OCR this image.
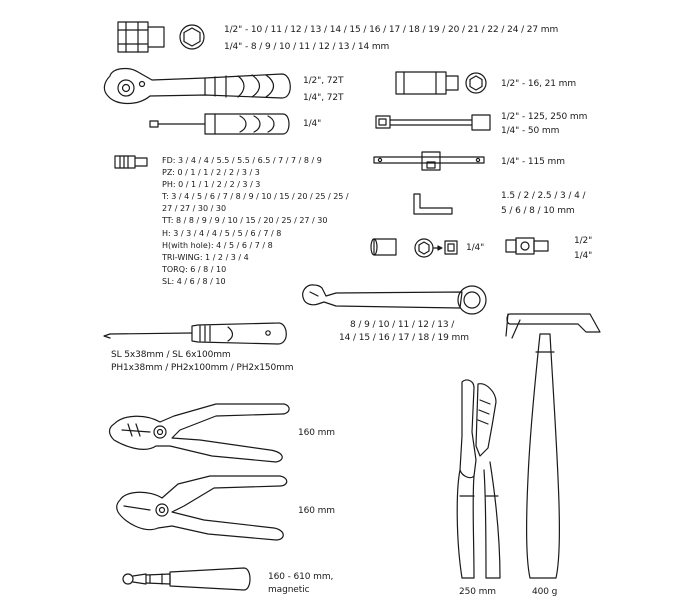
1/2" - 10 / 11 / 12 / 13 / 14 / 15 / 16 / 17 / 18 / 19 / 20 / 21 / 22 / 24 / 27 mm
1/4" - 8 / 9 / 10 / 11 / 12 / 13 / 14 mm
1/2", 72T
1/4", 72T
1/4"
1/2" - 16, 21 mm
1/2" - 125, 250 mm
1/4" - 50 mm
1/4" - 115 mm
1.5 / 2 / 2.5 / 3 / 4 /
5 / 6 / 8 / 10 mm
FD: 3 / 4 / 4 / 5.5 / 5.5 / 6.5 / 7 / 7 / 8 / 9
PZ: 0 / 1 / 1 / 2 / 2 / 3 / 3
PH: 0 / 1 / 1 / 2 / 2 / 3 / 3
T: 3 / 4 / 5 / 6 / 7 / 8 / 9 / 10 / 15 / 20 / 25 / 25 /
27 / 27 / 30 / 30
TT: 8 / 8 / 9 / 9 / 10 / 15 / 20 / 25 / 27 / 30
H: 3 / 3 / 4 / 4 / 5 / 5 / 6 / 7 / 8
H(with hole): 4 / 5 / 6 / 7 / 8
TRI-WING: 1 / 2 / 3 / 4
TORQ: 6 / 8 / 10
SL: 4 / 6 / 8 / 10
1/4"
1/2"
1/4"
8 / 9 / 10 / 11 / 12 / 13 /
14 / 15 / 16 / 17 / 18 / 19 mm
SL 5x38mm / SL 6x100mm
PH1x38mm / PH2x100mm / PH2x150mm
160 mm
160 mm
160 - 610 mm,
magnetic	250 mm	400 g
